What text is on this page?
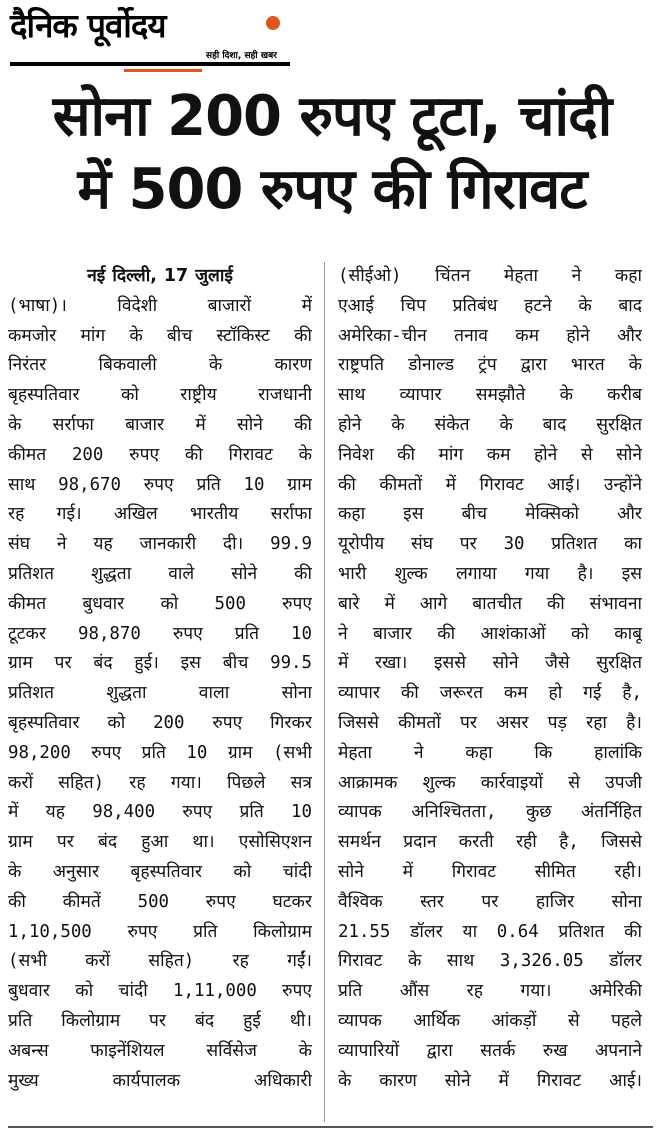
दैनिक पूर्वोदय
सही दिशा, सही खबर
सोना 200 रुपए टूटा, चांदी
में 500 रुपए की गिरावट
नई दिल्ली, 17 जुलाई
(भाषा)। विदेशी बाजारों में
कमजोर मांग के बीच स्टॉकिस्ट की
निरंतर बिकवाली के कारण
बृहस्पतिवार को राष्ट्रीय राजधानी
के सर्राफा बाजार में सोने की
कीमत 200 रुपए की गिरावट के
साथ 98,670 रुपए प्रति 10 ग्राम
रह गई। अखिल भारतीय सर्राफा
संघ ने यह जानकारी दी। 99.9
प्रतिशत शुद्धता वाले सोने की
कीमत बुधवार को 500 रुपए
टूटकर 98,870 रुपए प्रति 10
ग्राम पर बंद हुई। इस बीच 99.5
प्रतिशत शुद्धता वाला सोना
बृहस्पतिवार को 200 रुपए गिरकर
98,200 रुपए प्रति 10 ग्राम (सभी
करों सहित) रह गया। पिछले सत्र
में यह 98,400 रुपए प्रति 10
ग्राम पर बंद हुआ था। एसोसिएशन
के अनुसार बृहस्पतिवार को चांदी
की कीमतें 500 रुपए घटकर
1,10,500 रुपए प्रति किलोग्राम
(सभी करों सहित) रह गईं।
बुधवार को चांदी 1,11,000 रुपए
प्रति किलोग्राम पर बंद हुई थी।
अबन्स फाइनेंशियल सर्विसेज के
मुख्य कार्यपालक अधिकारी
(सीईओ) चिंतन मेहता ने कहा
एआई चिप प्रतिबंध हटने के बाद
अमेरिका-चीन तनाव कम होने और
राष्ट्रपति डोनाल्ड ट्रंप द्वारा भारत के
साथ व्यापार समझौते के करीब
होने के संकेत के बाद सुरक्षित
निवेश की मांग कम होने से सोने
की कीमतों में गिरावट आई। उन्होंने
कहा इस बीच मेक्सिको और
यूरोपीय संघ पर 30 प्रतिशत का
भारी शुल्क लगाया गया है। इस
बारे में आगे बातचीत की संभावना
ने बाजार की आशंकाओं को काबू
में रखा। इससे सोने जैसे सुरक्षित
व्यापार की जरूरत कम हो गई है,
जिससे कीमतों पर असर पड़ रहा है।
मेहता ने कहा कि हालांकि
आक्रामक शुल्क कार्रवाइयों से उपजी
व्यापक अनिश्चितता, कुछ अंतर्निहित
समर्थन प्रदान करती रही है, जिससे
सोने में गिरावट सीमित रही।
वैश्विक स्तर पर हाजिर सोना
21.55 डॉलर या 0.64 प्रतिशत की
गिरावट के साथ 3,326.05 डॉलर
प्रति औंस रह गया। अमेरिकी
व्यापक आर्थिक आंकड़ों से पहले
व्यापारियों द्वारा सतर्क रुख अपनाने
के कारण सोने में गिरावट आई।
